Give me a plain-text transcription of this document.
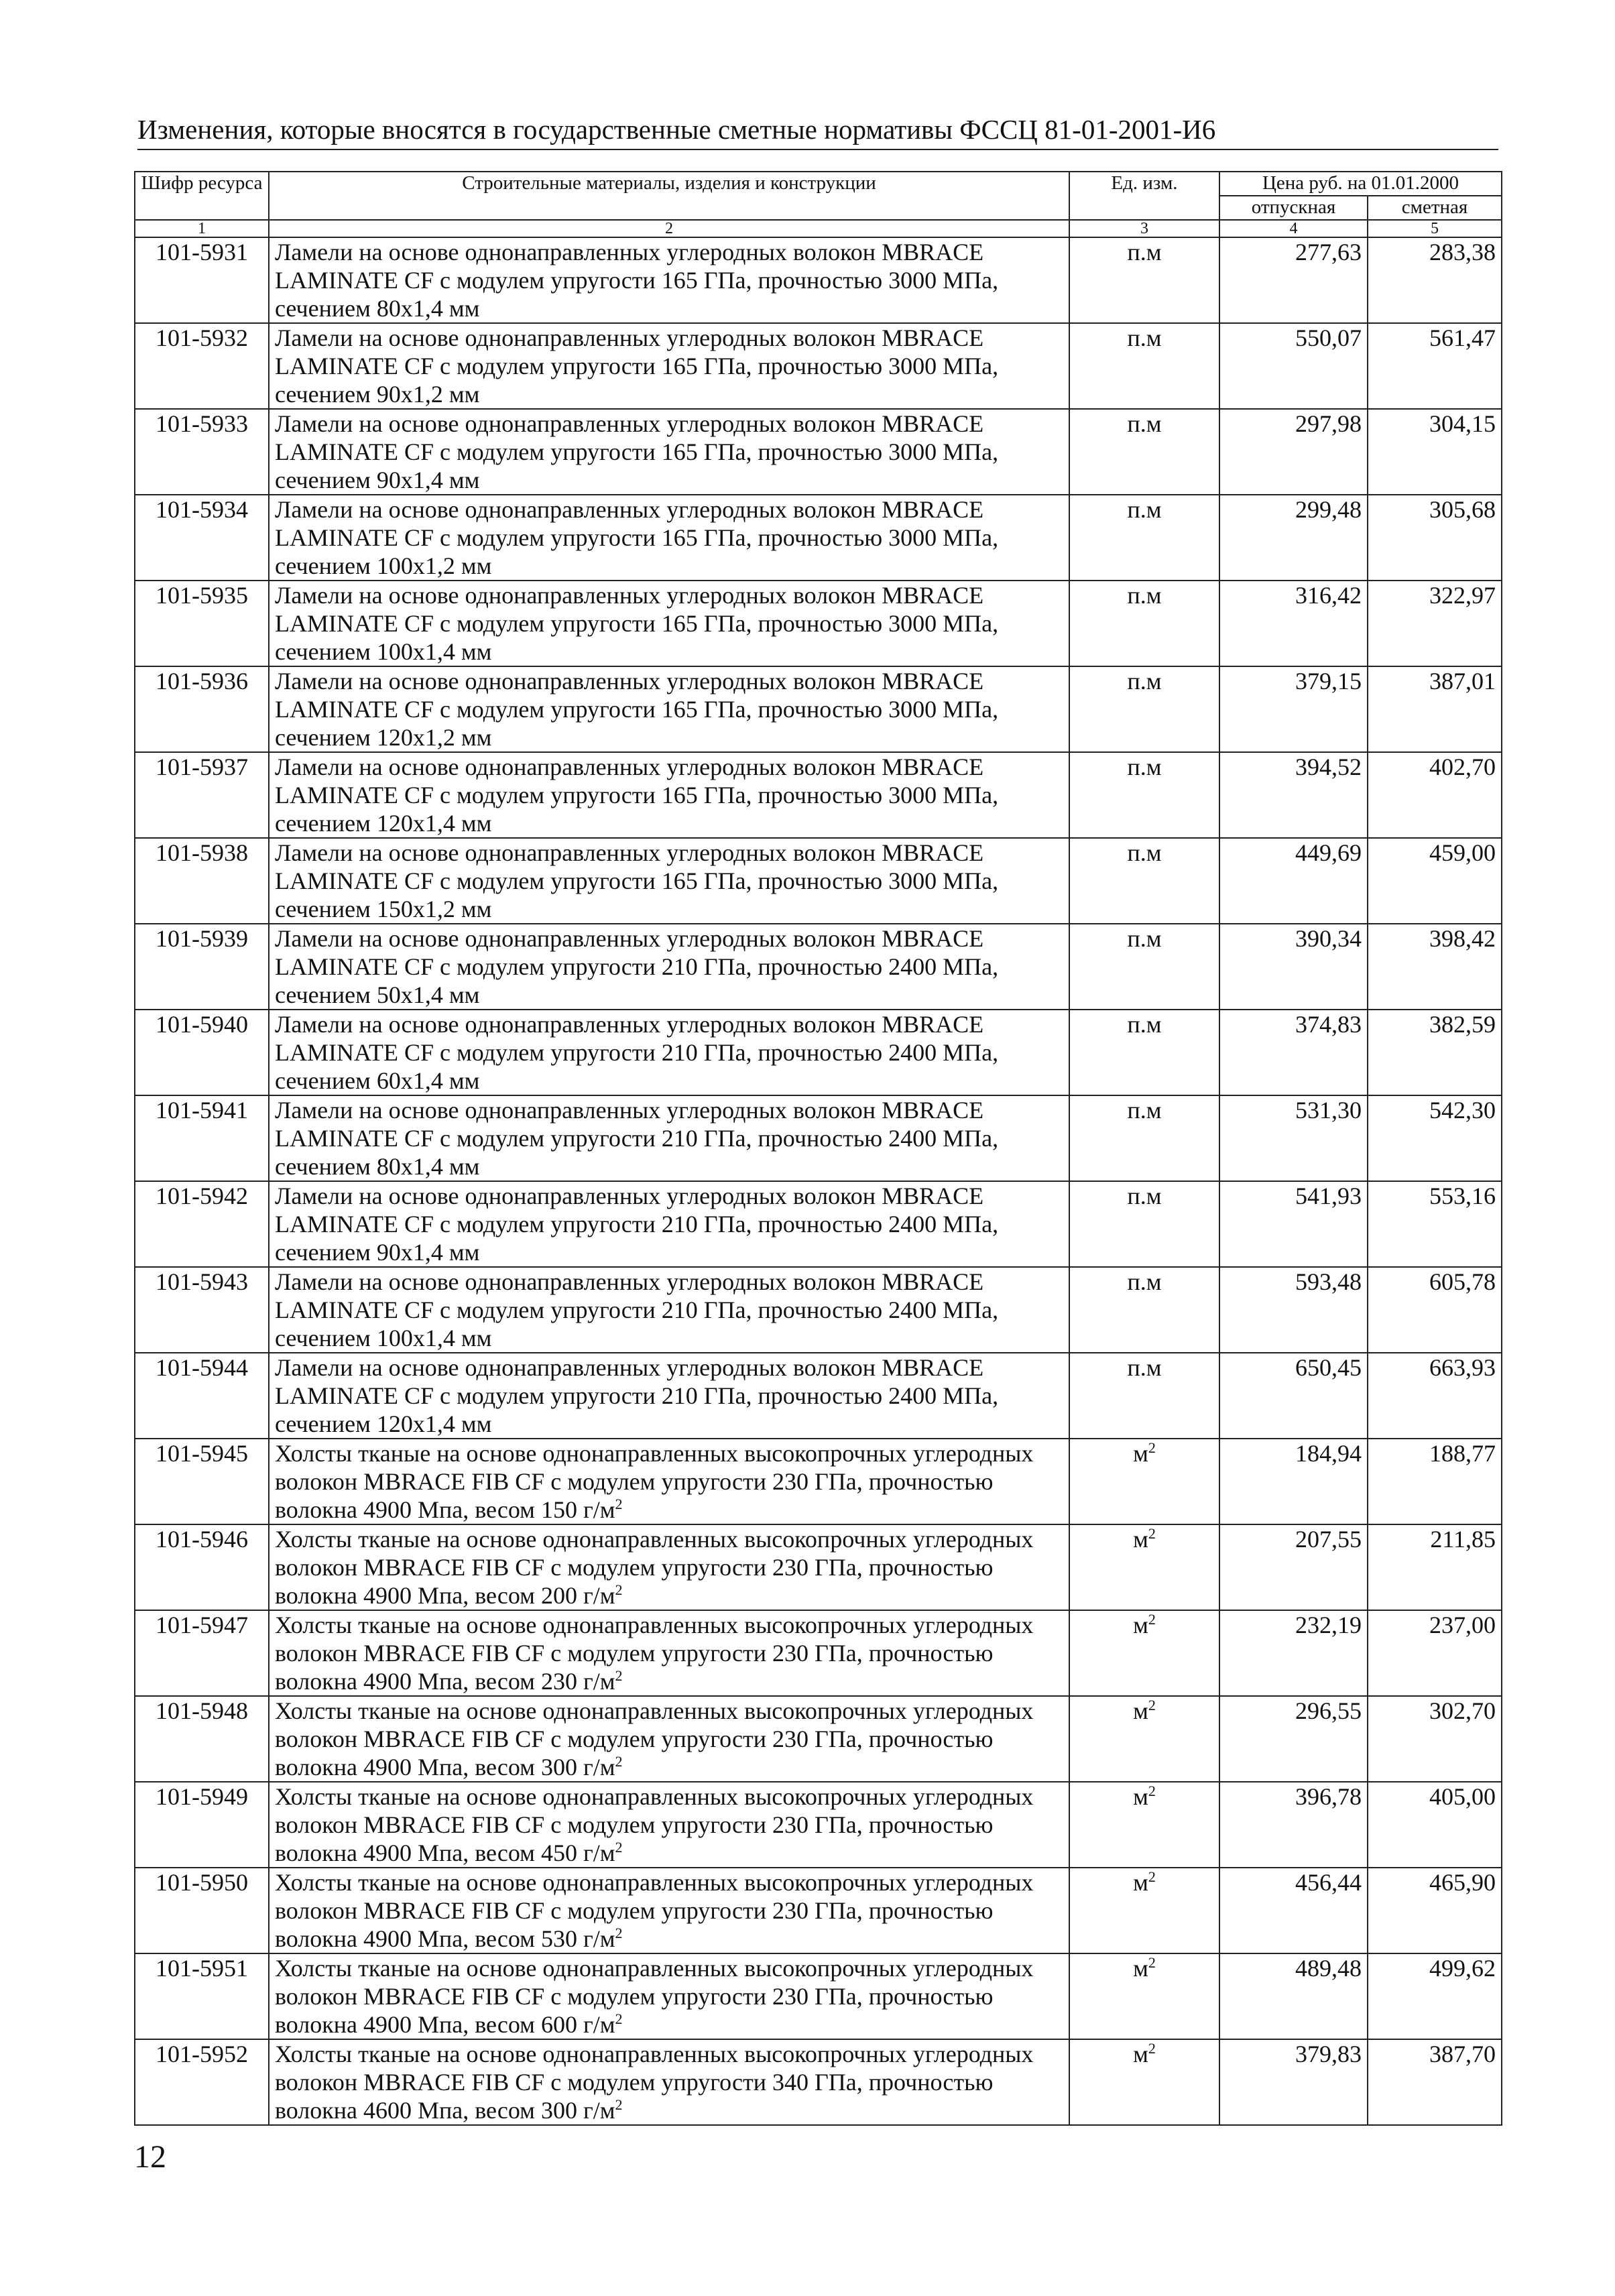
Изменения, которые вносятся в государственные сметные нормативы ФССЦ 81-01-2001-И6
Шифр ресурса	Строительные материалы, изделия и конструкции	Ед. изм.	Цена руб. на 01.01.2000	
			отпускная	сметная
1	2	3	4	5
101-5931	Ламели на основе однонаправленных углеродных волокон MBRACE LAMINATE CF с модулем упругости 165 ГПа, прочностью 3000 МПа, сечением 80х1,4 мм	п.м	277,63	283,38
101-5932	Ламели на основе однонаправленных углеродных волокон MBRACE LAMINATE CF с модулем упругости 165 ГПа, прочностью 3000 МПа, сечением 90х1,2 мм	п.м	550,07	561,47
101-5933	Ламели на основе однонаправленных углеродных волокон MBRACE LAMINATE CF с модулем упругости 165 ГПа, прочностью 3000 МПа, сечением 90х1,4 мм	п.м	297,98	304,15
101-5934	Ламели на основе однонаправленных углеродных волокон MBRACE LAMINATE CF с модулем упругости 165 ГПа, прочностью 3000 МПа, сечением 100х1,2 мм	п.м	299,48	305,68
101-5935	Ламели на основе однонаправленных углеродных волокон MBRACE LAMINATE CF с модулем упругости 165 ГПа, прочностью 3000 МПа, сечением 100х1,4 мм	п.м	316,42	322,97
101-5936	Ламели на основе однонаправленных углеродных волокон MBRACE LAMINATE CF с модулем упругости 165 ГПа, прочностью 3000 МПа, сечением 120х1,2 мм	п.м	379,15	387,01
101-5937	Ламели на основе однонаправленных углеродных волокон MBRACE LAMINATE CF с модулем упругости 165 ГПа, прочностью 3000 МПа, сечением 120х1,4 мм	п.м	394,52	402,70
101-5938	Ламели на основе однонаправленных углеродных волокон MBRACE LAMINATE CF с модулем упругости 165 ГПа, прочностью 3000 МПа, сечением 150х1,2 мм	п.м	449,69	459,00
101-5939	Ламели на основе однонаправленных углеродных волокон MBRACE LAMINATE CF с модулем упругости 210 ГПа, прочностью 2400 МПа, сечением 50х1,4 мм	п.м	390,34	398,42
101-5940	Ламели на основе однонаправленных углеродных волокон MBRACE LAMINATE CF с модулем упругости 210 ГПа, прочностью 2400 МПа, сечением 60х1,4 мм	п.м	374,83	382,59
101-5941	Ламели на основе однонаправленных углеродных волокон MBRACE LAMINATE CF с модулем упругости 210 ГПа, прочностью 2400 МПа, сечением 80х1,4 мм	п.м	531,30	542,30
101-5942	Ламели на основе однонаправленных углеродных волокон MBRACE LAMINATE CF с модулем упругости 210 ГПа, прочностью 2400 МПа, сечением 90х1,4 мм	п.м	541,93	553,16
101-5943	Ламели на основе однонаправленных углеродных волокон MBRACE LAMINATE CF с модулем упругости 210 ГПа, прочностью 2400 МПа, сечением 100х1,4 мм	п.м	593,48	605,78
101-5944	Ламели на основе однонаправленных углеродных волокон MBRACE LAMINATE CF с модулем упругости 210 ГПа, прочностью 2400 МПа, сечением 120х1,4 мм	п.м	650,45	663,93
101-5945	Холсты тканые на основе однонаправленных высокопрочных углеродных волокон MBRACE FIB CF с модулем упругости 230 ГПа, прочностью волокна 4900 Мпа, весом 150 $г/м^2$	$м^2$	184,94	188,77
101-5946	Холсты тканые на основе однонаправленных высокопрочных углеродных волокон MBRACE FIB CF с модулем упругости 230 ГПа, прочностью волокна 4900 Мпа, весом 200 $г/м^2$	$м^2$	207,55	211,85
101-5947	Холсты тканые на основе однонаправленных высокопрочных углеродных волокон MBRACE FIB CF с модулем упругости 230 ГПа, прочностью волокна 4900 Мпа, весом 230 $г/м^2$	$м^2$	232,19	237,00
101-5948	Холсты тканые на основе однонаправленных высокопрочных углеродных волокон MBRACE FIB CF с модулем упругости 230 ГПа, прочностью волокна 4900 Мпа, весом 300 $г/м^2$	$м^2$	296,55	302,70
101-5949	Холсты тканые на основе однонаправленных высокопрочных углеродных волокон MBRACE FIB CF с модулем упругости 230 ГПа, прочностью волокна 4900 Мпа, весом 450 $г/м^2$	$м^2$	396,78	405,00
101-5950	Холсты тканые на основе однонаправленных высокопрочных углеродных волокон MBRACE FIB CF с модулем упругости 230 ГПа, прочностью волокна 4900 Мпа, весом 530 $г/м^2$	$м^2$	456,44	465,90
101-5951	Холсты тканые на основе однонаправленных высокопрочных углеродных волокон MBRACE FIB CF с модулем упругости 230 ГПа, прочностью волокна 4900 Мпа, весом 600 $г/м^2$	$м^2$	489,48	499,62
101-5952	Холсты тканые на основе однонаправленных высокопрочных углеродных волокон MBRACE FIB CF с модулем упругости 340 ГПа, прочностью волокна 4600 Мпа, весом 300 $г/м^2$	$м^2$	379,83	387,70
12
